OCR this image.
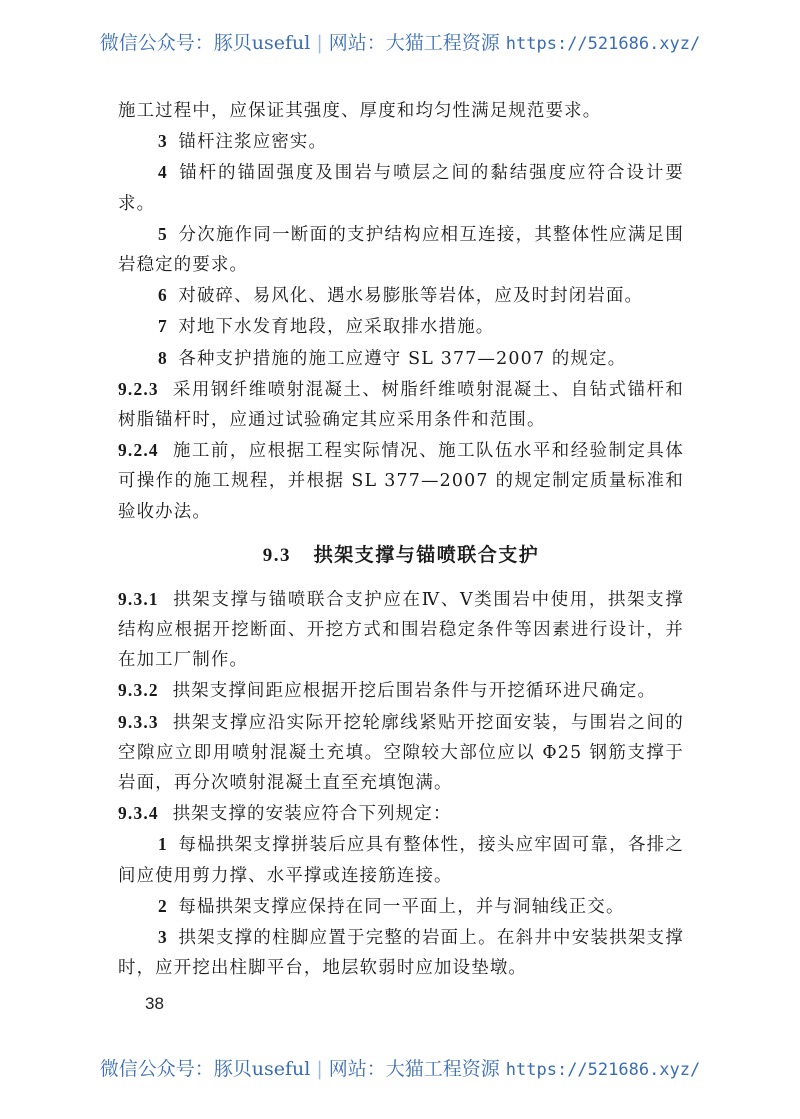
微信公众号：豚贝useful | 网站：大猫工程资源 https://521686.xyz/

施工过程中，应保证其强度、厚度和均匀性满足规范要求。

3 锚杆注浆应密实。

4 锚杆的锚固强度及围岩与喷层之间的黏结强度应符合设计要求。

5 分次施作同一断面的支护结构应相互连接，其整体性应满足围岩稳定的要求。

6 对破碎、易风化、遇水易膨胀等岩体，应及时封闭岩面。

7 对地下水发育地段，应采取排水措施。

8 各种支护措施的施工应遵守 SL 377—2007 的规定。

9.2.3 采用钢纤维喷射混凝土、树脂纤维喷射混凝土、自钻式锚杆和树脂锚杆时，应通过试验确定其应采用条件和范围。

9.2.4 施工前，应根据工程实际情况、施工队伍水平和经验制定具体可操作的施工规程，并根据 SL 377—2007 的规定制定质量标准和验收办法。

9.3 拱架支撑与锚喷联合支护

9.3.1 拱架支撑与锚喷联合支护应在Ⅳ、Ⅴ类围岩中使用，拱架支撑结构应根据开挖断面、开挖方式和围岩稳定条件等因素进行设计，并在加工厂制作。

9.3.2 拱架支撑间距应根据开挖后围岩条件与开挖循环进尺确定。

9.3.3 拱架支撑应沿实际开挖轮廓线紧贴开挖面安装，与围岩之间的空隙应立即用喷射混凝土充填。空隙较大部位应以 Φ25 钢筋支撑于岩面，再分次喷射混凝土直至充填饱满。

9.3.4 拱架支撑的安装应符合下列规定：

1 每榀拱架支撑拼装后应具有整体性，接头应牢固可靠，各排之间应使用剪力撑、水平撑或连接筋连接。

2 每榀拱架支撑应保持在同一平面上，并与洞轴线正交。

3 拱架支撑的柱脚应置于完整的岩面上。在斜井中安装拱架支撑时，应开挖出柱脚平台，地层软弱时应加设垫墩。

38
微信公众号：豚贝useful | 网站：大猫工程资源 https://521686.xyz/
